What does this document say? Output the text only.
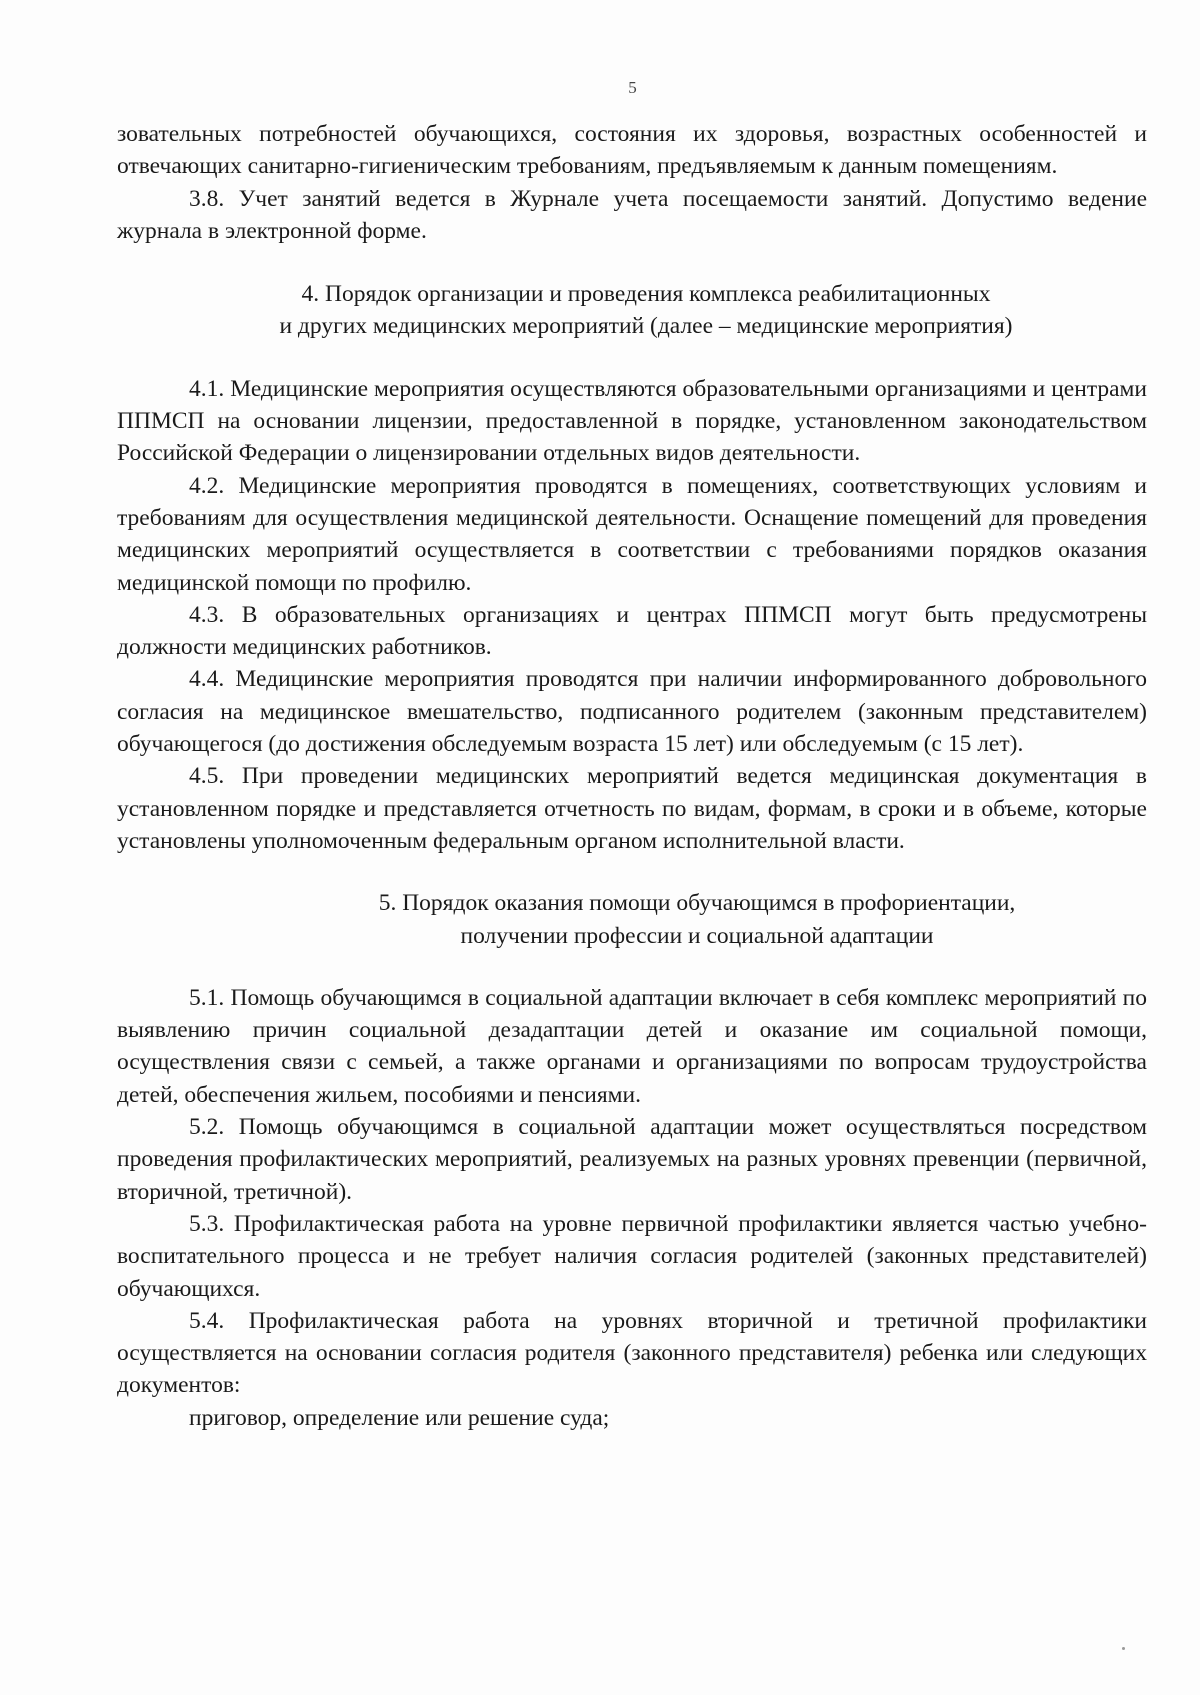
5

зовательных потребностей обучающихся, состояния их здоровья, возрастных особенностей и отвечающих санитарно-гигиеническим требованиям, предъявляемым к данным помещениям.

3.8. Учет занятий ведется в Журнале учета посещаемости занятий. Допустимо ведение журнала в электронной форме.

4. Порядок организации и проведения комплекса реабилитационных
и других медицинских мероприятий (далее – медицинские мероприятия)

4.1. Медицинские мероприятия осуществляются образовательными организациями и центрами ППМСП на основании лицензии, предоставленной в порядке, установленном законодательством Российской Федерации о лицензировании отдельных видов деятельности.

4.2. Медицинские мероприятия проводятся в помещениях, соответствующих условиям и требованиям для осуществления медицинской деятельности. Оснащение помещений для проведения медицинских мероприятий осуществляется в соответствии с требованиями порядков оказания медицинской помощи по профилю.

4.3. В образовательных организациях и центрах ППМСП могут быть предусмотрены должности медицинских работников.

4.4. Медицинские мероприятия проводятся при наличии информированного добровольного согласия на медицинское вмешательство, подписанного родителем (законным представителем) обучающегося (до достижения обследуемым возраста 15 лет) или обследуемым (с 15 лет).

4.5. При проведении медицинских мероприятий ведется медицинская документация в установленном порядке и представляется отчетность по видам, формам, в сроки и в объеме, которые установлены уполномоченным федеральным органом исполнительной власти.

5. Порядок оказания помощи обучающимся в профориентации,
получении профессии и социальной адаптации

5.1. Помощь обучающимся в социальной адаптации включает в себя комплекс мероприятий по выявлению причин социальной дезадаптации детей и оказание им социальной помощи, осуществления связи с семьей, а также органами и организациями по вопросам трудоустройства детей, обеспечения жильем, пособиями и пенсиями.

5.2. Помощь обучающимся в социальной адаптации может осуществляться посредством проведения профилактических мероприятий, реализуемых на разных уровнях превенции (первичной, вторичной, третичной).

5.3. Профилактическая работа на уровне первичной профилактики является частью учебно-воспитательного процесса и не требует наличия согласия родителей (законных представителей) обучающихся.

5.4. Профилактическая работа на уровнях вторичной и третичной профилактики осуществляется на основании согласия родителя (законного представителя) ребенка или следующих документов:

приговор, определение или решение суда;
